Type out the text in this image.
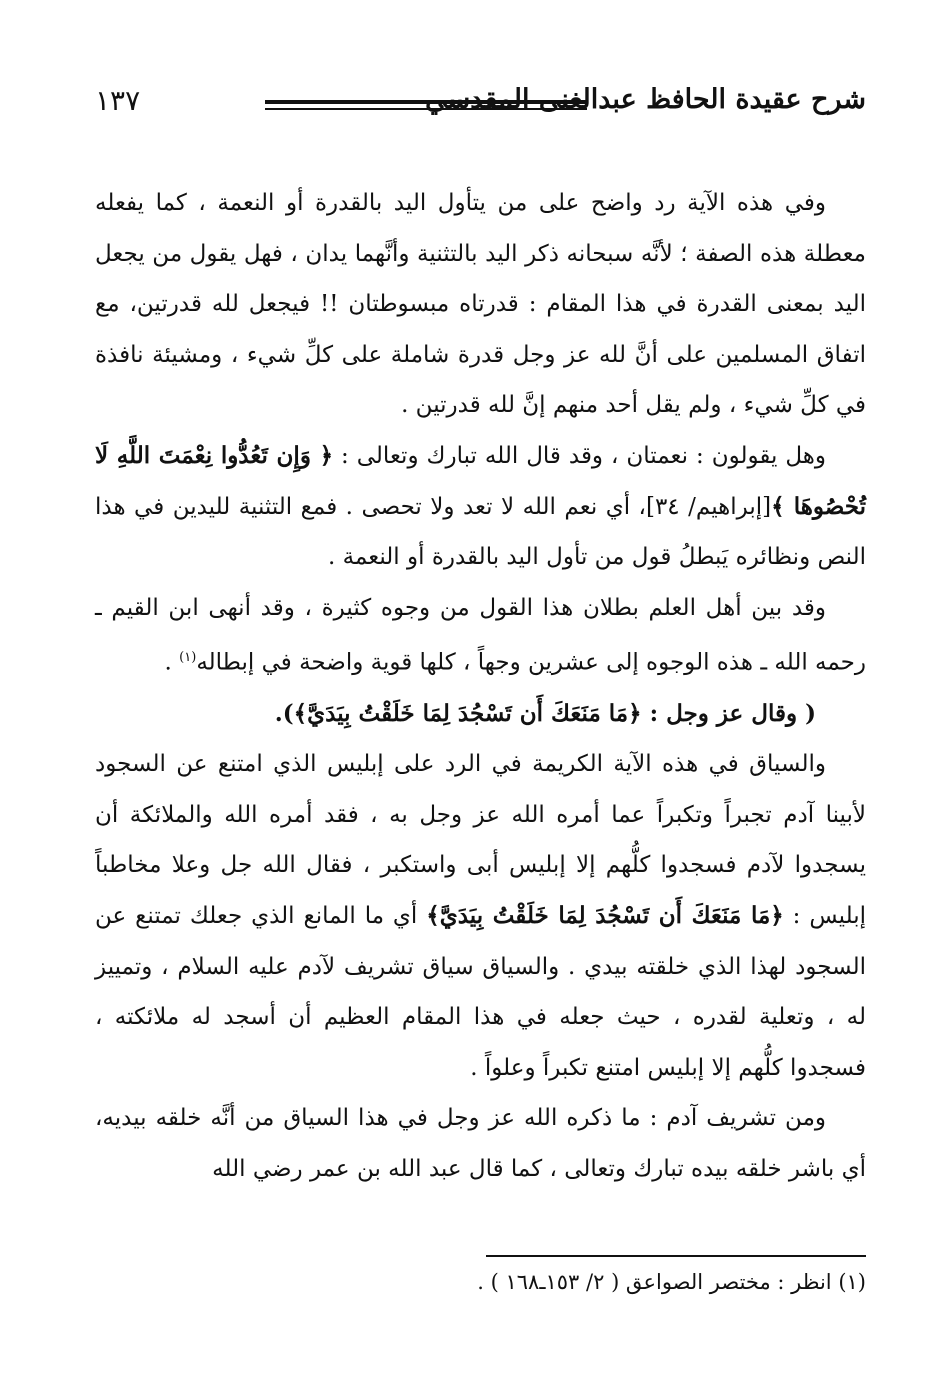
شرح عقيدة الحافظ عبدالغنى المقدسي
١٣٧

وفي هذه الآية رد واضح على من يتأول اليد بالقدرة أو النعمة ، كما يفعله معطلة هذه الصفة ؛ لأنَّه سبحانه ذكر اليد بالتثنية وأنَّهما يدان ، فهل يقول من يجعل اليد بمعنى القدرة في هذا المقام : قدرتاه مبسوطتان !! فيجعل لله قدرتين، مع اتفاق المسلمين على أنَّ لله عز وجل قدرة شاملة على كلِّ شيء ، ومشيئة نافذة في كلِّ شيء ، ولم يقل أحد منهم إنَّ لله قدرتين .

وهل يقولون : نعمتان ، وقد قال الله تبارك وتعالى : ﴿ وَإِن تَعُدُّوا نِعْمَتَ اللَّهِ لَا تُحْصُوهَا ﴾[إبراهيم/ ٣٤]، أي نعم الله لا تعد ولا تحصى . فمع التثنية لليدين في هذا النص ونظائره يَبطلُ قول من تأول اليد بالقدرة أو النعمة .

وقد بين أهل العلم بطلان هذا القول من وجوه كثيرة ، وقد أنهى ابن القيم ـ رحمه الله ـ هذه الوجوه إلى عشرين وجهاً ، كلها قوية واضحة في إبطاله$^{(١)}$ .

( وقال عز وجل : ﴿مَا مَنَعَكَ أَن تَسْجُدَ لِمَا خَلَقْتُ بِيَدَيَّ﴾).

والسياق في هذه الآية الكريمة في الرد على إبليس الذي امتنع عن السجود لأبينا آدم تجبراً وتكبراً عما أمره الله عز وجل به ، فقد أمره الله والملائكة أن يسجدوا لآدم فسجدوا كلُّهم إلا إبليس أبى واستكبر ، فقال الله جل وعلا مخاطباً إبليس : ﴿مَا مَنَعَكَ أَن تَسْجُدَ لِمَا خَلَقْتُ بِيَدَيَّ﴾ أي ما المانع الذي جعلك تمتنع عن السجود لهذا الذي خلقته بيدي . والسياق سياق تشريف لآدم عليه السلام ، وتمييز له ، وتعلية لقدره ، حيث جعله في هذا المقام العظيم أن أسجد له ملائكته ، فسجدوا كلُّهم إلا إبليس امتنع تكبراً وعلواً .

ومن تشريف آدم : ما ذكره الله عز وجل في هذا السياق من أنَّه خلقه بيديه، أي باشر خلقه بيده تبارك وتعالى ، كما قال عبد الله بن عمر رضي الله

(١) انظر : مختصر الصواعق ( ٢/ ١٥٣ـ١٦٨ ) .
